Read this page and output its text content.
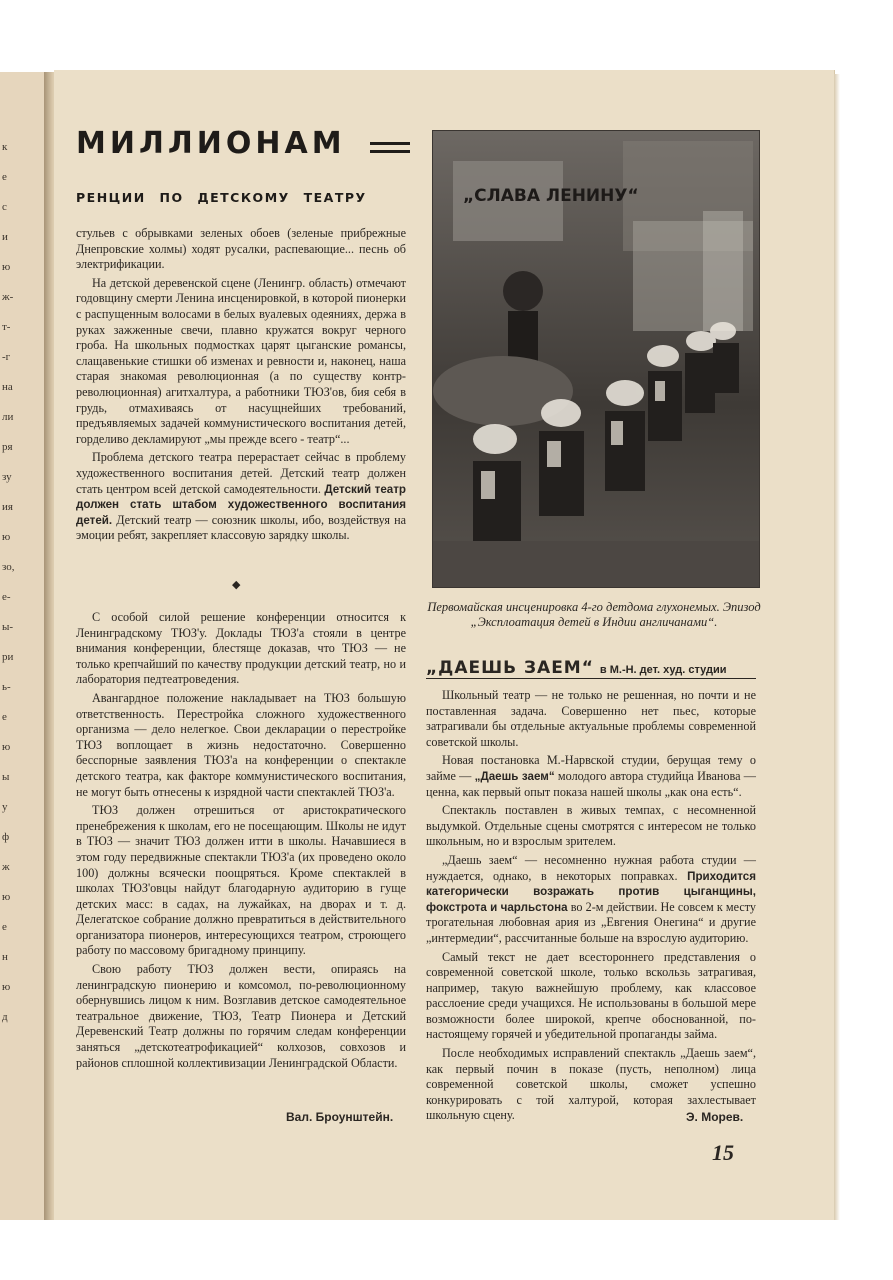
к
е
с
и
ю
ж-
т-
-г
на
ли
ря
зу
ия
ю
зо,
е-
ы-
ри
ь-
е
ю
ы
у
ф
ж
ю
е
н
ю
д
МИЛЛИОНАМ
РЕНЦИИ ПО ДЕТСКОМУ ТЕАТРУ

стульев с обрывками зеленых обоев (зеленые прибрежные Днепровские холмы) ходят русалки, распевающие... песнь об электрификации.

На детской деревенской сцене (Ленингр. область) отмечают годовщину смерти Ленина инсценировкой, в которой пионерки с распущенным волосами в белых вуалевых одеяниях, держа в руках зажженные свечи, плавно кружатся вокруг черного гроба. На школьных подмостках царят цыганские романсы, слащавенькие стишки об изменах и ревности и, наконец, наша старая знакомая революционная (а по существу контр-революционная) агитхалтура, а работники ТЮЗ'ов, бия себя в грудь, отмахиваясь от насущнейших требований, предъявляемых задачей коммунистического воспитания детей, горделиво декламируют „мы прежде всего - театр“...

Проблема детского театра перерастает сейчас в проблему художественного воспитания детей. Детский театр должен стать центром всей детской самодеятельности. Детский театр должен стать штабом художественного воспитания детей. Детский театр — союзник школы, ибо, воздействуя на эмоции ребят, закрепляет классовую зарядку школы.

◆

С особой силой решение конференции относится к Ленинградскому ТЮЗ'у. Доклады ТЮЗ'а стояли в центре внимания конференции, блестяще доказав, что ТЮЗ — не только крепчайший по качеству продукции детский театр, но и лаборатория педтеатроведения.

Авангардное положение накладывает на ТЮЗ большую ответственность. Перестройка сложного художественного организма — дело нелегкое. Свои декларации о перестройке ТЮЗ воплощает в жизнь недостаточно. Совершенно бесспорные заявления ТЮЗ'а на конференции о спектакле детского театра, как факторе коммунистического воспитания, не могут быть отнесены к изрядной части спектаклей ТЮЗ'а.

ТЮЗ должен отрешиться от аристократического пренебрежения к школам, его не посещающим. Школы не идут в ТЮЗ — значит ТЮЗ должен итти в школы. Начавшиеся в этом году передвижные спектакли ТЮЗ'а (их проведено около 100) должны всячески поощряться. Кроме спектаклей в школах ТЮЗ'овцы найдут благодарную аудиторию в гуще детских масс: в садах, на лужайках, на дворах и т. д. Делегатское собрание должно превратиться в действительного организатора пионеров, интересующихся театром, строющего работу по массовому бригадному принципу.

Свою работу ТЮЗ должен вести, опираясь на ленинградскую пионерию и комсомол, по-революционному обернувшись лицом к ним. Возглавив детское самодеятельное театральное движение, ТЮЗ, Театр Пионера и Детский Деревенский Театр должны по горячим следам конференции заняться „детскотеатрофикацией“ колхозов, совхозов и районов сплошной коллективизации Ленинградской Области.

Вал. Броунштейн.
„СЛАВА ЛЕНИНУ“
Первомайская инсценировка 4-го детдома глухонемых. Эпизод „Эксплоатация детей в Индии англичанами“.
„ДАЕШЬ ЗАЕМ“ в М.-Н. дет. худ. студии

Школьный театр — не только не решенная, но почти и не поставленная задача. Совершенно нет пьес, которые затрагивали бы отдельные актуальные проблемы современной советской школы.

Новая постановка М.-Нарвской студии, берущая тему о займе — „Даешь заем“ молодого автора студийца Иванова — ценна, как первый опыт показа нашей школы „как она есть“.

Спектакль поставлен в живых темпах, с несомненной выдумкой. Отдельные сцены смотрятся с интересом не только школьным, но и взрослым зрителем.

„Даешь заем“ — несомненно нужная работа студии — нуждается, однако, в некоторых поправках. Приходится категорически возражать против цыганщины, фокстрота и чарльстона во 2-м действии. Не совсем к месту трогательная любовная ария из „Евгения Онегина“ и другие „интермедии“, рассчитанные больше на взрослую аудиторию.

Самый текст не дает всестороннего представления о современной советской школе, только вскользь затрагивая, например, такую важнейшую проблему, как классовое расслоение среди учащихся. Не использованы в большой мере возможности более широкой, крепче обоснованной, по-настоящему горячей и убедительной пропаганды займа.

После необходимых исправлений спектакль „Даешь заем“, как первый почин в показе (пусть, неполном) лица современной советской школы, сможет успешно конкурировать с той халтурой, которая захлестывает школьную сцену.	Э. Морев.
15
